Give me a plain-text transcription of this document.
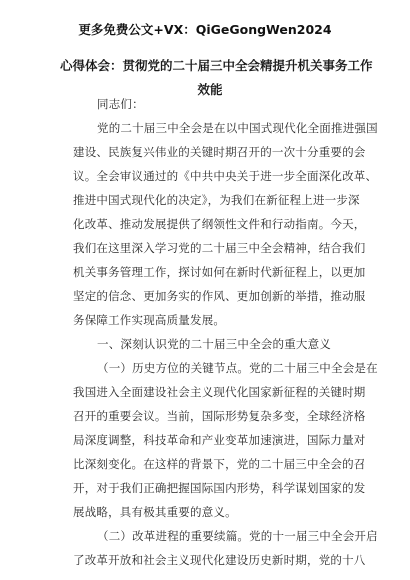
更多免费公文+VX：QiGeGongWen2024
心得体会：贯彻党的二十届三中全会精提升机关事务工作
效能
同志们：
党的二十届三中全会是在以中国式现代化全面推进强国
建设、民族复兴伟业的关键时期召开的一次十分重要的会
议。全会审议通过的《中共中央关于进一步全面深化改革、
推进中国式现代化的决定》，为我们在新征程上进一步深
化改革、推动发展提供了纲领性文件和行动指南。今天，
我们在这里深入学习党的二十届三中全会精神，结合我们
机关事务管理工作，探讨如何在新时代新征程上，以更加
坚定的信念、更加务实的作风、更加创新的举措，推动服
务保障工作实现高质量发展。
一、深刻认识党的二十届三中全会的重大意义
（一）历史方位的关键节点。党的二十届三中全会是在
我国进入全面建设社会主义现代化国家新征程的关键时期
召开的重要会议。当前，国际形势复杂多变，全球经济格
局深度调整，科技革命和产业变革加速演进，国际力量对
比深刻变化。在这样的背景下，党的二十届三中全会的召
开，对于我们正确把握国际国内形势，科学谋划国家的发
展战略，具有极其重要的意义。
（二）改革进程的重要续篇。党的十一届三中全会开启
了改革开放和社会主义现代化建设历史新时期，党的十八
